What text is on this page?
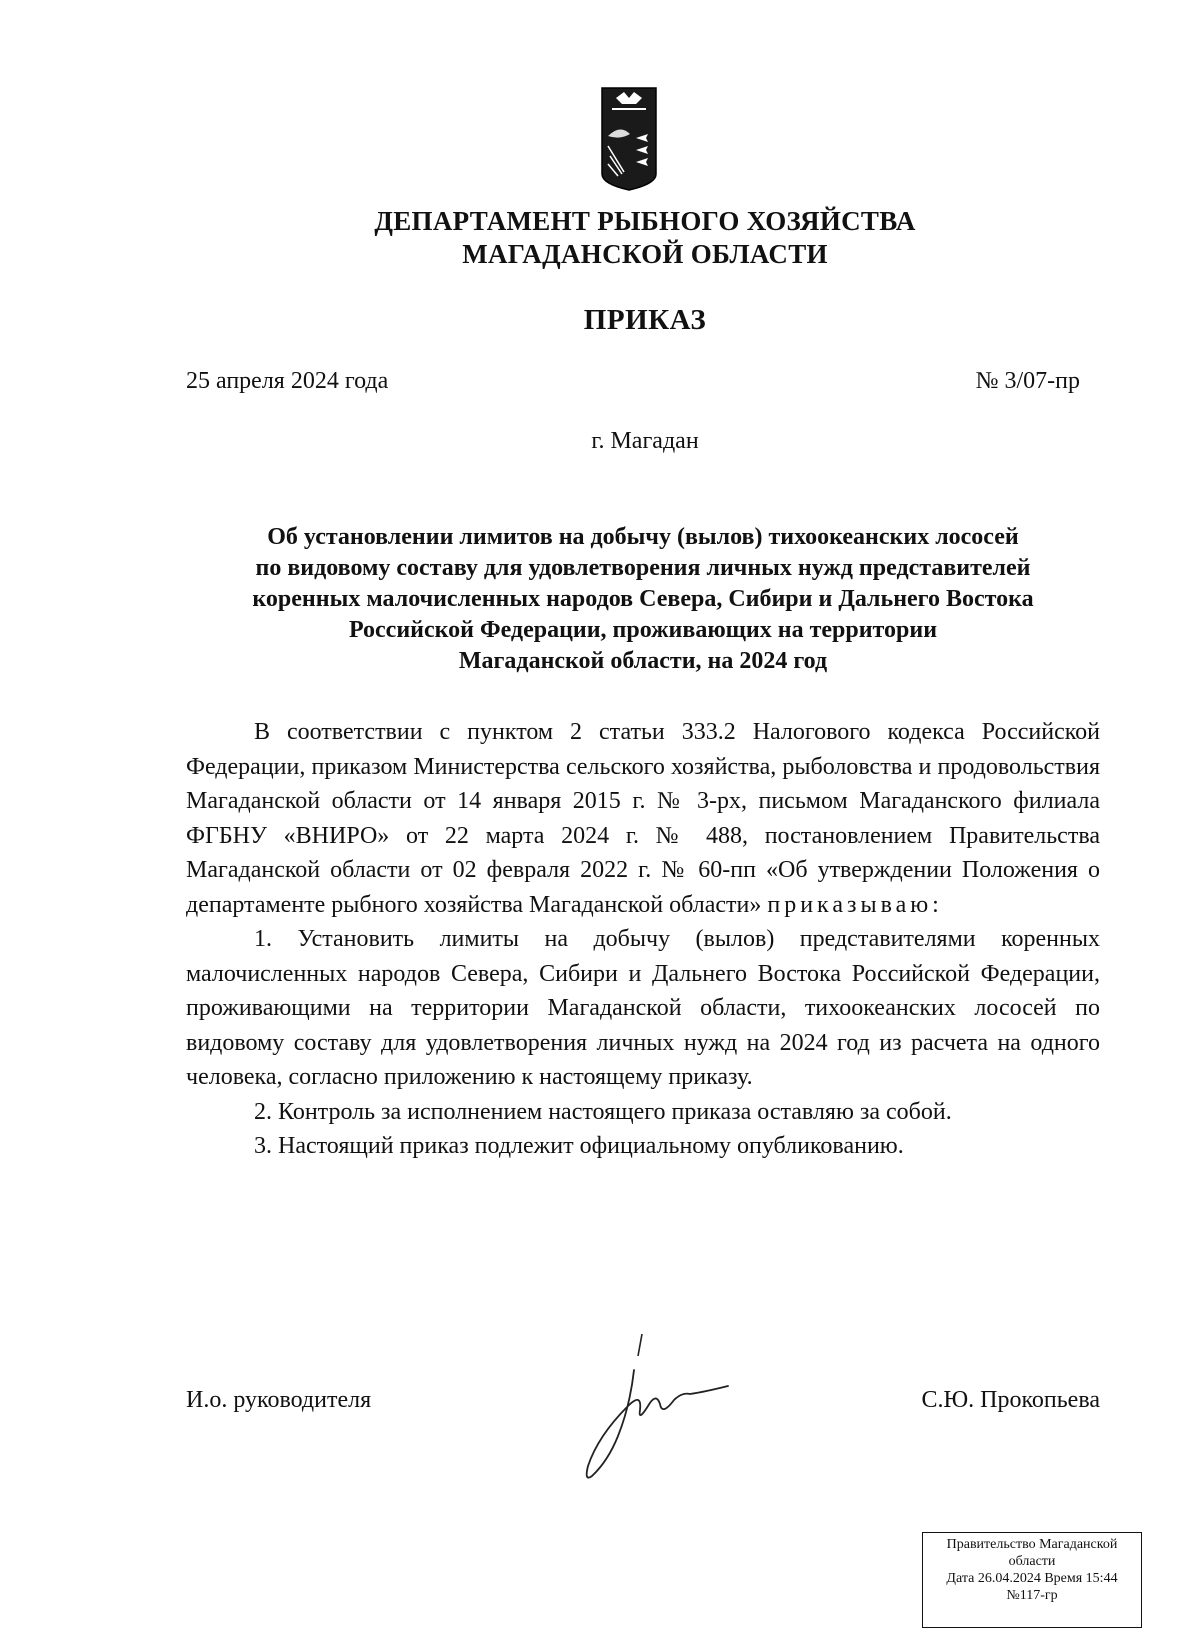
ДЕПАРТАМЕНТ РЫБНОГО ХОЗЯЙСТВА
МАГАДАНСКОЙ ОБЛАСТИ
ПРИКАЗ
25 апреля 2024 года	№ 3/07-пр
г. Магадан
Об установлении лимитов на добычу (вылов) тихоокеанских лососей
по видовому составу для удовлетворения личных нужд представителей
коренных малочисленных народов Севера, Сибири и Дальнего Востока
Российской Федерации, проживающих на территории
Магаданской области, на 2024 год

В соответствии с пунктом 2 статьи 333.2 Налогового кодекса Российской Федерации, приказом Министерства сельского хозяйства, рыболовства и продовольствия Магаданской области от 14 января 2015 г. № 3-рх, письмом Магаданского филиала ФГБНУ «ВНИРО» от 22 марта 2024 г. № 488, постановлением Правительства Магаданской области от 02 февраля 2022 г. № 60-пп «Об утверждении Положения о департаменте рыбного хозяйства Магаданской области» приказываю:

1. Установить лимиты на добычу (вылов) представителями коренных малочисленных народов Севера, Сибири и Дальнего Востока Российской Федерации, проживающими на территории Магаданской области, тихоокеанских лососей по видовому составу для удовлетворения личных нужд на 2024 год из расчета на одного человека, согласно приложению к настоящему приказу.

2. Контроль за исполнением настоящего приказа оставляю за собой.

3. Настоящий приказ подлежит официальному опубликованию.

И.о. руководителя	С.Ю. Прокопьева
Правительство Магаданской
области
Дата 26.04.2024 Время 15:44
№117-гр
